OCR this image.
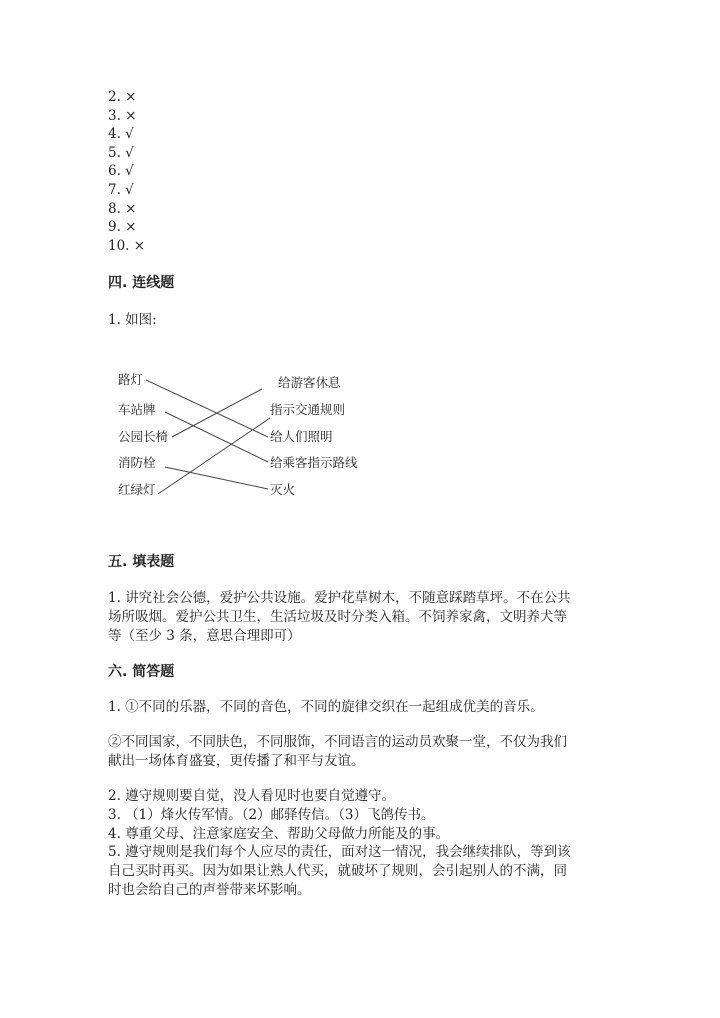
2. ×
3. ×
4. √
5. √
6. √
7. √
8. ×
9. ×
10. ×
四. 连线题
1. 如图:
路灯
车站牌
公园长椅
消防栓
红绿灯
给游客休息
指示交通规则
给人们照明
给乘客指示路线
灭火
五. 填表题
1. 讲究社会公德，爱护公共设施。爱护花草树木，不随意踩踏草坪。不在公共
场所吸烟。爱护公共卫生，生活垃圾及时分类入箱。不饲养家禽，文明养犬等
等（至少 3 条，意思合理即可）
六. 简答题
1. ①不同的乐器，不同的音色，不同的旋律交织在一起组成优美的音乐。
②不同国家，不同肤色，不同服饰，不同语言的运动员欢聚一堂，不仅为我们
献出一场体育盛宴，更传播了和平与友谊。
2. 遵守规则要自觉，没人看见时也要自觉遵守。
3. （1）烽火传军情。（2）邮驿传信。（3）飞鸽传书。
4. 尊重父母、注意家庭安全、帮助父母做力所能及的事。
5. 遵守规则是我们每个人应尽的责任，面对这一情况，我会继续排队，等到该
自己买时再买。因为如果让熟人代买，就破坏了规则，会引起别人的不满，同
时也会给自己的声誉带来坏影响。
